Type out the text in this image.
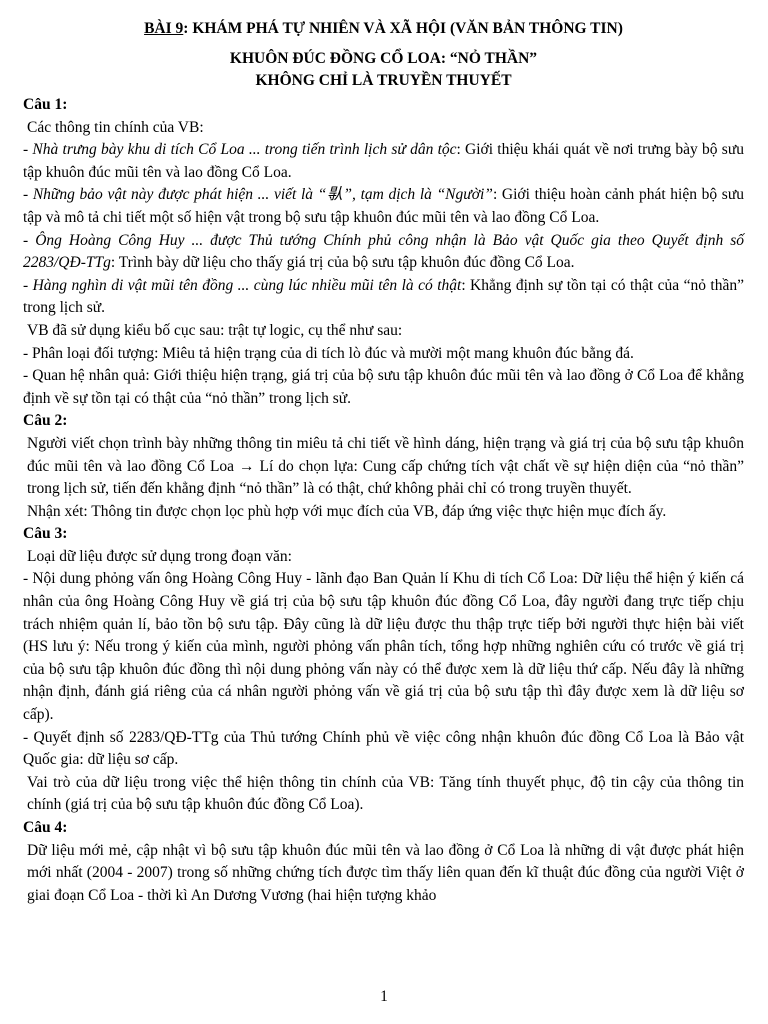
BÀI 9: KHÁM PHÁ TỰ NHIÊN VÀ XÃ HỘI (VĂN BẢN THÔNG TIN)

KHUÔN ĐÚC ĐỒNG CỔ LOA: “NỎ THẦN”
KHÔNG CHỈ LÀ TRUYỀN THUYẾT

Câu 1:

Các thông tin chính của VB:

- Nhà trưng bày khu di tích Cổ Loa ... trong tiến trình lịch sử dân tộc: Giới thiệu khái quát về nơi trưng bày bộ sưu tập khuôn đúc mũi tên và lao đồng Cổ Loa.

- Những bảo vật này được phát hiện ... viết là “𠊛”, tạm dịch là “Người”: Giới thiệu hoàn cảnh phát hiện bộ sưu tập và mô tả chi tiết một số hiện vật trong bộ sưu tập khuôn đúc mũi tên và lao đồng Cổ Loa.

- Ông Hoàng Công Huy ... được Thủ tướng Chính phủ công nhận là Bảo vật Quốc gia theo Quyết định số 2283/QĐ-TTg: Trình bày dữ liệu cho thấy giá trị của bộ sưu tập khuôn đúc đồng Cổ Loa.

- Hàng nghìn di vật mũi tên đồng ... cùng lúc nhiều mũi tên là có thật: Khẳng định sự tồn tại có thật của “nỏ thần” trong lịch sử.

VB đã sử dụng kiểu bố cục sau: trật tự logic, cụ thể như sau:

- Phân loại đối tượng: Miêu tả hiện trạng của di tích lò đúc và mười một mang khuôn đúc bằng đá.

- Quan hệ nhân quả: Giới thiệu hiện trạng, giá trị của bộ sưu tập khuôn đúc mũi tên và lao đồng ở Cổ Loa để khẳng định về sự tồn tại có thật của “nỏ thần” trong lịch sử.

Câu 2:

Người viết chọn trình bày những thông tin miêu tả chi tiết về hình dáng, hiện trạng và giá trị của bộ sưu tập khuôn đúc mũi tên và lao đồng Cổ Loa → Lí do chọn lựa: Cung cấp chứng tích vật chất về sự hiện diện của “nỏ thần” trong lịch sử, tiến đến khẳng định “nỏ thần” là có thật, chứ không phải chỉ có trong truyền thuyết.

Nhận xét: Thông tin được chọn lọc phù hợp với mục đích của VB, đáp ứng việc thực hiện mục đích ấy.

Câu 3:

Loại dữ liệu được sử dụng trong đoạn văn:

- Nội dung phỏng vấn ông Hoàng Công Huy - lãnh đạo Ban Quản lí Khu di tích Cổ Loa: Dữ liệu thể hiện ý kiến cá nhân của ông Hoàng Công Huy về giá trị của bộ sưu tập khuôn đúc đồng Cổ Loa, đây người đang trực tiếp chịu trách nhiệm quản lí, bảo tồn bộ sưu tập. Đây cũng là dữ liệu được thu thập trực tiếp bởi người thực hiện bài viết (HS lưu ý: Nếu trong ý kiến của mình, người phỏng vấn phân tích, tổng hợp những nghiên cứu có trước về giá trị của bộ sưu tập khuôn đúc đồng thì nội dung phỏng vấn này có thể được xem là dữ liệu thứ cấp. Nếu đây là những nhận định, đánh giá riêng của cá nhân người phỏng vấn về giá trị của bộ sưu tập thì đây được xem là dữ liệu sơ cấp).

- Quyết định số 2283/QĐ-TTg của Thủ tướng Chính phủ về việc công nhận khuôn đúc đồng Cổ Loa là Bảo vật Quốc gia: dữ liệu sơ cấp.

Vai trò của dữ liệu trong việc thể hiện thông tin chính của VB: Tăng tính thuyết phục, độ tin cậy của thông tin chính (giá trị của bộ sưu tập khuôn đúc đồng Cổ Loa).

Câu 4:

Dữ liệu mới mẻ, cập nhật vì bộ sưu tập khuôn đúc mũi tên và lao đồng ở Cổ Loa là những di vật được phát hiện mới nhất (2004 - 2007) trong số những chứng tích được tìm thấy liên quan đến kĩ thuật đúc đồng của người Việt ở giai đoạn Cổ Loa - thời kì An Dương Vương (hai hiện tượng khảo

1
